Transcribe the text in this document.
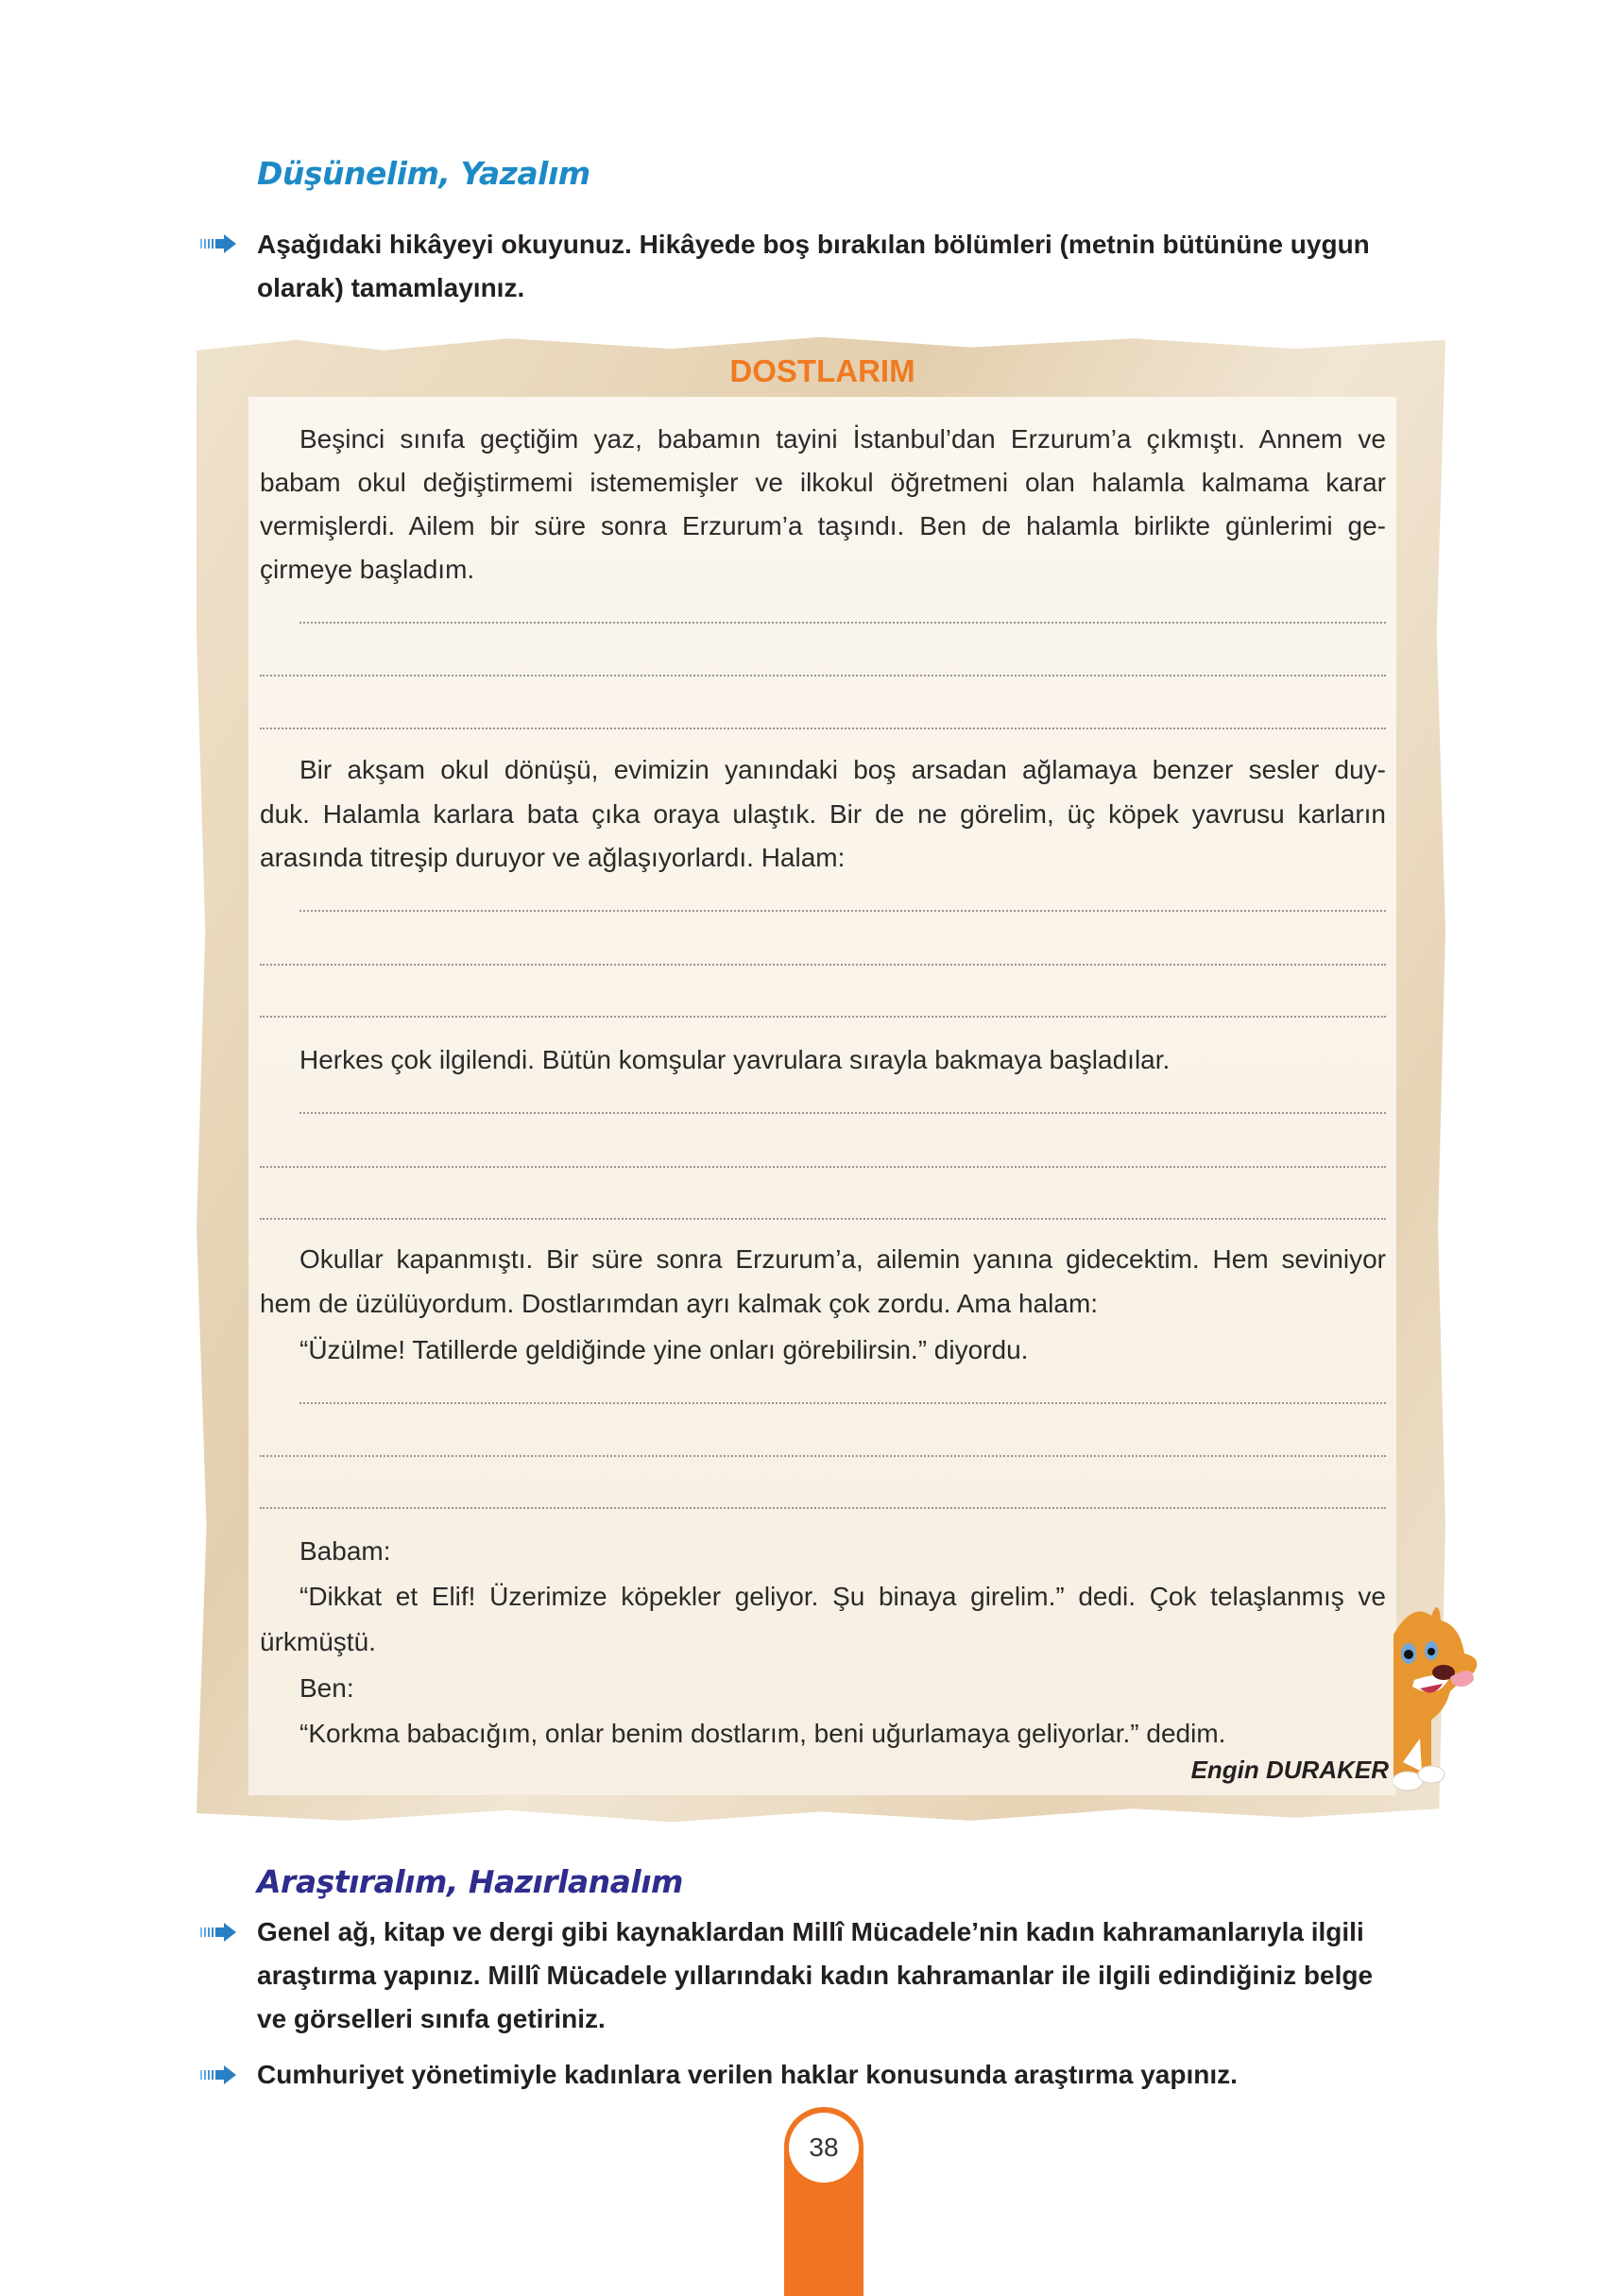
Düşünelim, Yazalım
Aşağıdaki hikâyeyi okuyunuz. Hikâyede boş bırakılan bölümleri (metnin bütününe uygun
olarak) tamamlayınız.
DOSTLARIM
Beşinci sınıfa geçtiğim yaz, babamın tayini İstanbul’dan Erzurum’a çıkmıştı. Annem ve
babam okul değiştirmemi istememişler ve ilkokul öğretmeni olan halamla kalmama karar
vermişlerdi. Ailem bir süre sonra Erzurum’a taşındı. Ben de halamla birlikte günlerimi ge-
çirmeye başladım.
Bir akşam okul dönüşü, evimizin yanındaki boş arsadan ağlamaya benzer sesler duy-
duk. Halamla karlara bata çıka oraya ulaştık. Bir de ne görelim, üç köpek yavrusu karların
arasında titreşip duruyor ve ağlaşıyorlardı. Halam:
Herkes çok ilgilendi. Bütün komşular yavrulara sırayla bakmaya başladılar.
Okullar kapanmıştı. Bir süre sonra Erzurum’a, ailemin yanına gidecektim. Hem seviniyor
hem de üzülüyordum. Dostlarımdan ayrı kalmak çok zordu. Ama halam:
“Üzülme! Tatillerde geldiğinde yine onları görebilirsin.” diyordu.
Babam:
“Dikkat et Elif! Üzerimize köpekler geliyor. Şu binaya girelim.” dedi. Çok telaşlanmış ve
ürkmüştü.
Ben:
“Korkma babacığım, onlar benim dostlarım, beni uğurlamaya geliyorlar.” dedim.
Engin DURAKER
Araştıralım, Hazırlanalım
Genel ağ, kitap ve dergi gibi kaynaklardan Millî Mücadele’nin kadın kahramanlarıyla ilgili
araştırma yapınız. Millî Mücadele yıllarındaki kadın kahramanlar ile ilgili edindiğiniz belge
ve görselleri sınıfa getiriniz.
Cumhuriyet yönetimiyle kadınlara verilen haklar konusunda araştırma yapınız.
38
